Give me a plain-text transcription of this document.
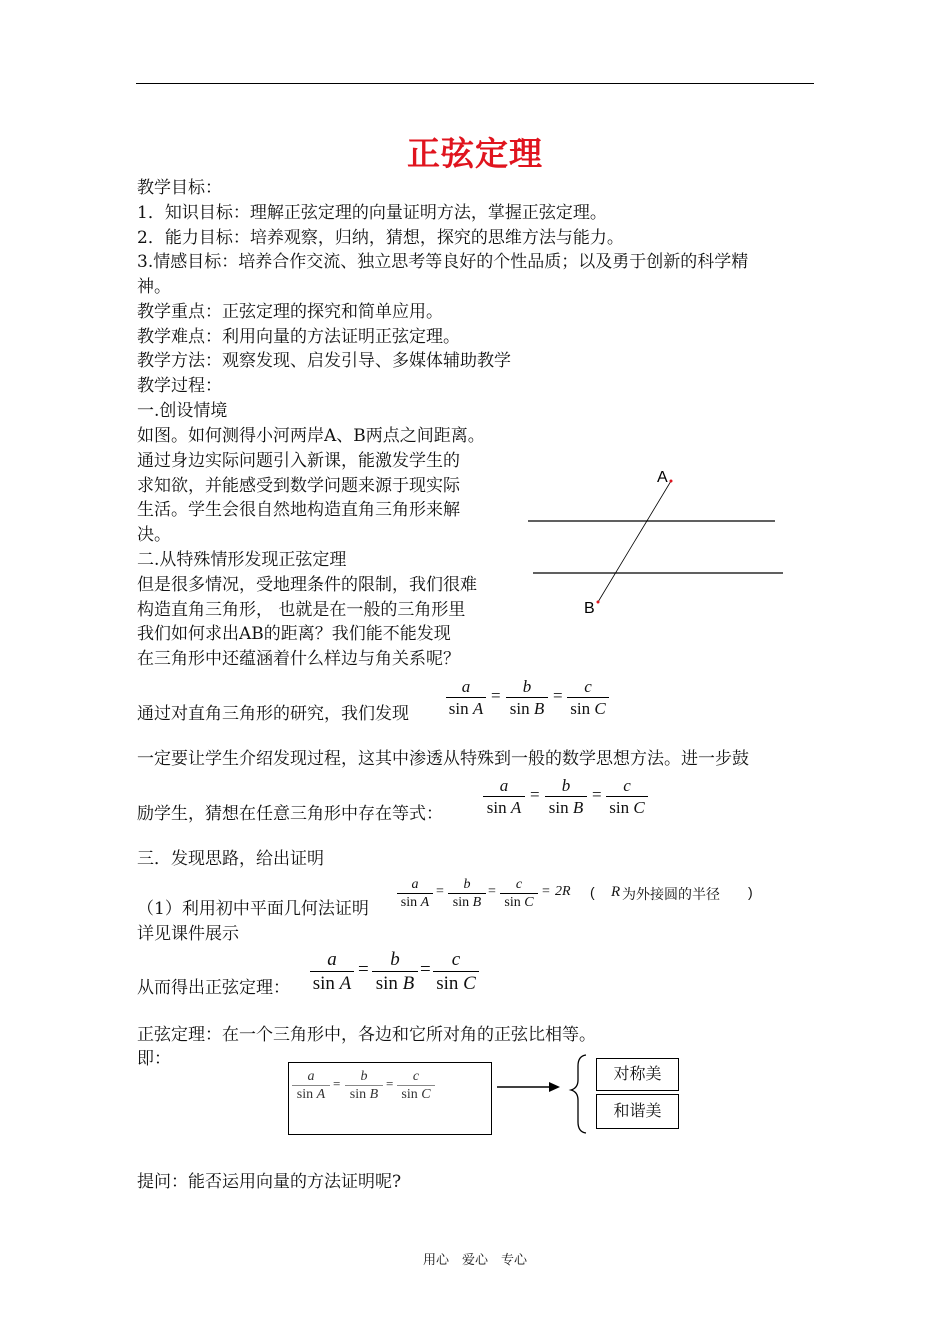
正弦定理
教学目标：
1．知识目标：理解正弦定理的向量证明方法，掌握正弦定理。
2．能力目标：培养观察，归纳，猜想，探究的思维方法与能力。
3.情感目标：培养合作交流、独立思考等良好的个性品质；以及勇于创新的科学精
神。
教学重点：正弦定理的探究和简单应用。
教学难点：利用向量的方法证明正弦定理。
教学方法：观察发现、启发引导、多媒体辅助教学
教学过程：
一.创设情境
如图。如何测得小河两岸A、B两点之间距离。
通过身边实际问题引入新课，能激发学生的
求知欲，并能感受到数学问题来源于现实际
生活。学生会很自然地构造直角三角形来解
决。
二.从特殊情形发现正弦定理
但是很多情况，受地理条件的限制，我们很难
构造直角三角形， 也就是在一般的三角形里
我们如何求出AB的距离？我们能不能发现
在三角形中还蕴涵着什么样边与角关系呢？
A
B
通过对直角三角形的研究，我们发现
a
sin A
=	b
sin B
=	c
sin C
一定要让学生介绍发现过程，这其中渗透从特殊到一般的数学思想方法。进一步鼓
励学生，猜想在任意三角形中存在等式：
a
sin A
=	b
sin B
=	c
sin C
三．发现思路，给出证明
（1）利用初中平面几何法证明
a
sin A
=	b
sin B
=	c
sin C
= 2R ( R 为外接圆的半径 )
详见课件展示
从而得出正弦定理：
a
sin A
=	b
sin B
=	c
sin C
正弦定理：在一个三角形中，各边和它所对角的正弦比相等。
即：
a
sin A
=	b
sin B
=	c
sin C
对称美
和谐美
提问：能否运用向量的方法证明呢?
用心　爱心　专心
